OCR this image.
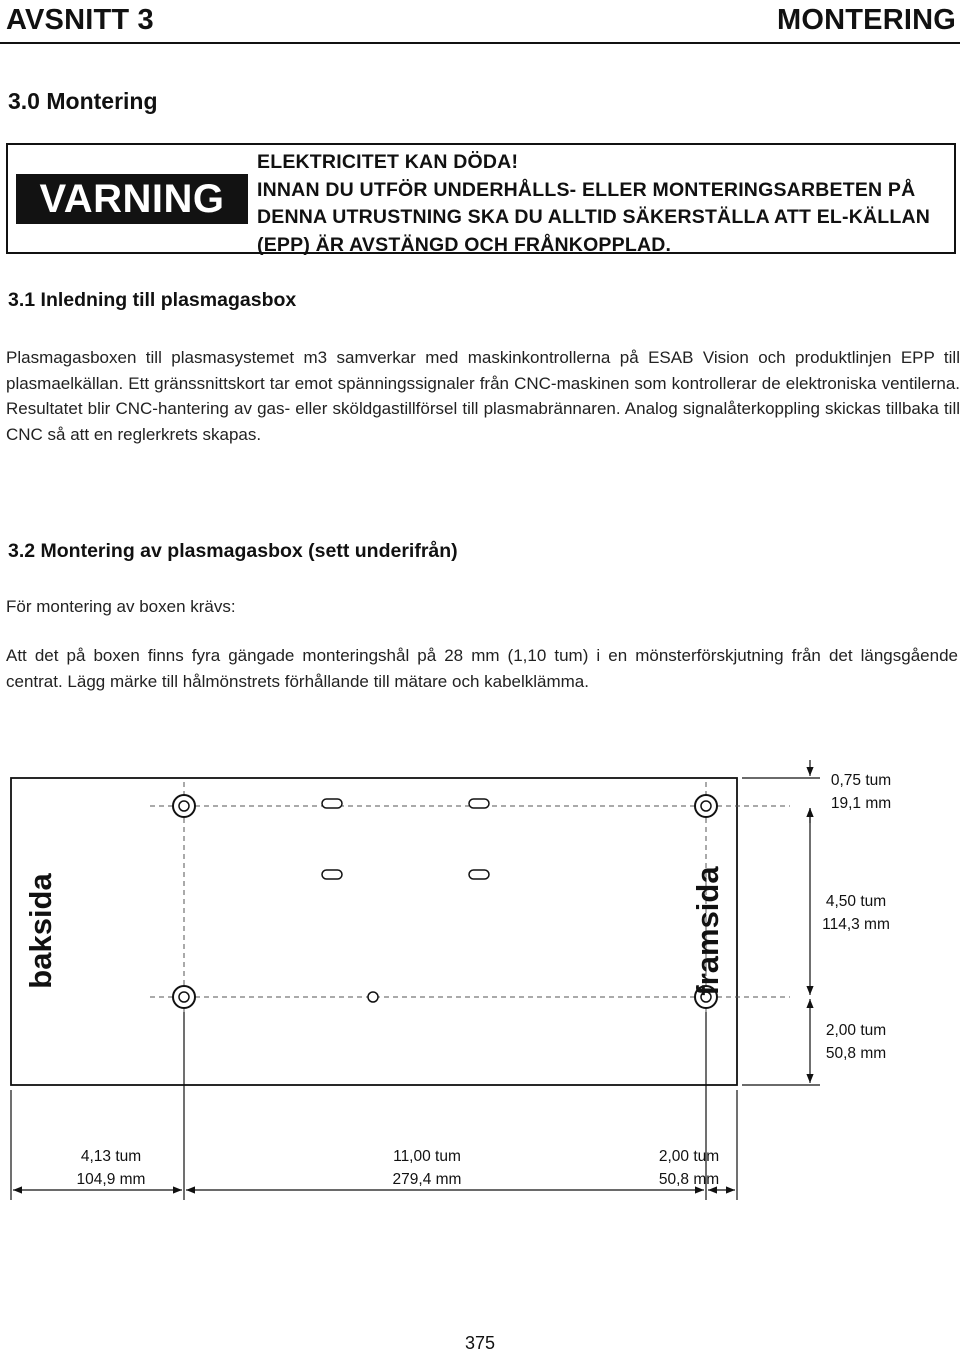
AVSNITT 3	MONTERING
3.0 Montering
VARNING
ELEKTRICITET KAN DÖDA!
INNAN DU UTFÖR UNDERHÅLLS- ELLER MONTERINGSARBETEN PÅ
DENNA UTRUSTNING SKA DU ALLTID SÄKERSTÄLLA ATT EL-KÄLLAN
(EPP) ÄR AVSTÄNGD OCH FRÅNKOPPLAD.
3.1 Inledning till plasmagasbox

Plasmagasboxen till plasmasystemet m3 samverkar med maskinkontrollerna på ESAB Vision och produktlinjen EPP till plasmaelkällan. Ett gränssnittskort tar emot spänningssignaler från CNC-maskinen som kontrollerar de elektroniska ventilerna. Resultatet blir CNC-hantering av gas- eller sköldgastillförsel till plasmabrännaren. Analog signalåterkoppling skickas tillbaka till CNC så att en reglerkrets skapas.

3.2 Montering av plasmagasbox (sett underifrån)

För montering av boxen krävs:

Att det på boxen finns fyra gängade monteringshål på 28 mm (1,10 tum) i en mönsterförskjutning från det längsgående centrat. Lägg märke till hålmönstrets förhållande till mätare och kabelklämma.

baksida	framsida
0,75 tum
19,1 mm
4,50 tum
114,3 mm
2,00 tum
50,8 mm
4,13 tum
104,9 mm
11,00 tum
279,4 mm
2,00 tum
50,8 mm
375
